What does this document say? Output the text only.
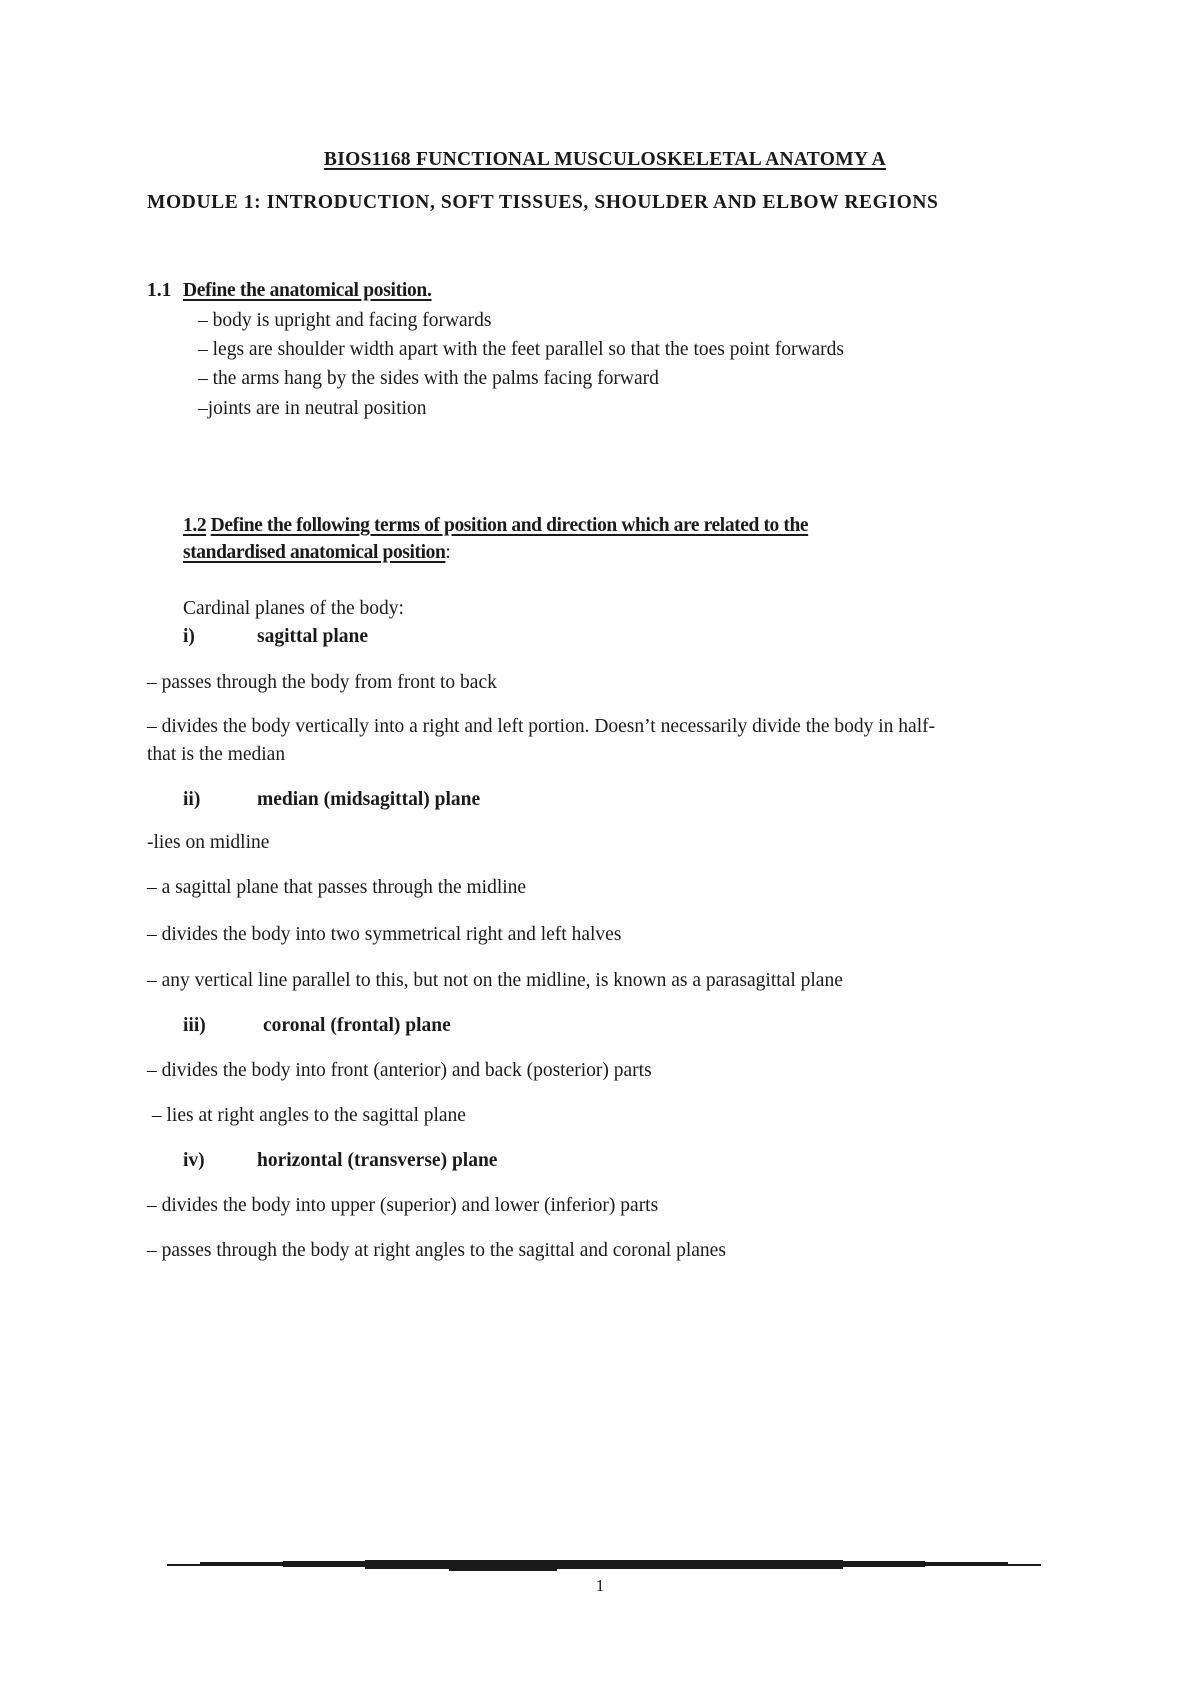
BIOS1168 FUNCTIONAL MUSCULOSKELETAL ANATOMY A
MODULE 1: INTRODUCTION, SOFT TISSUES, SHOULDER AND ELBOW REGIONS
1.1 Define the anatomical position.
– body is upright and facing forwards
– legs are shoulder width apart with the feet parallel so that the toes point forwards
– the arms hang by the sides with the palms facing forward
–joints are in neutral position
1.2 Define the following terms of position and direction which are related to the
standardised anatomical position:
Cardinal planes of the body:
i)	sagittal plane
– passes through the body from front to back
– divides the body vertically into a right and left portion. Doesn’t necessarily divide the body in half-
that is the median
ii)	median (midsagittal) plane
-lies on midline
– a sagittal plane that passes through the midline
– divides the body into two symmetrical right and left halves
– any vertical line parallel to this, but not on the midline, is known as a parasagittal plane
iii)	coronal (frontal) plane
– divides the body into front (anterior) and back (posterior) parts
– lies at right angles to the sagittal plane
iv)	horizontal (transverse) plane
– divides the body into upper (superior) and lower (inferior) parts
– passes through the body at right angles to the sagittal and coronal planes
1
